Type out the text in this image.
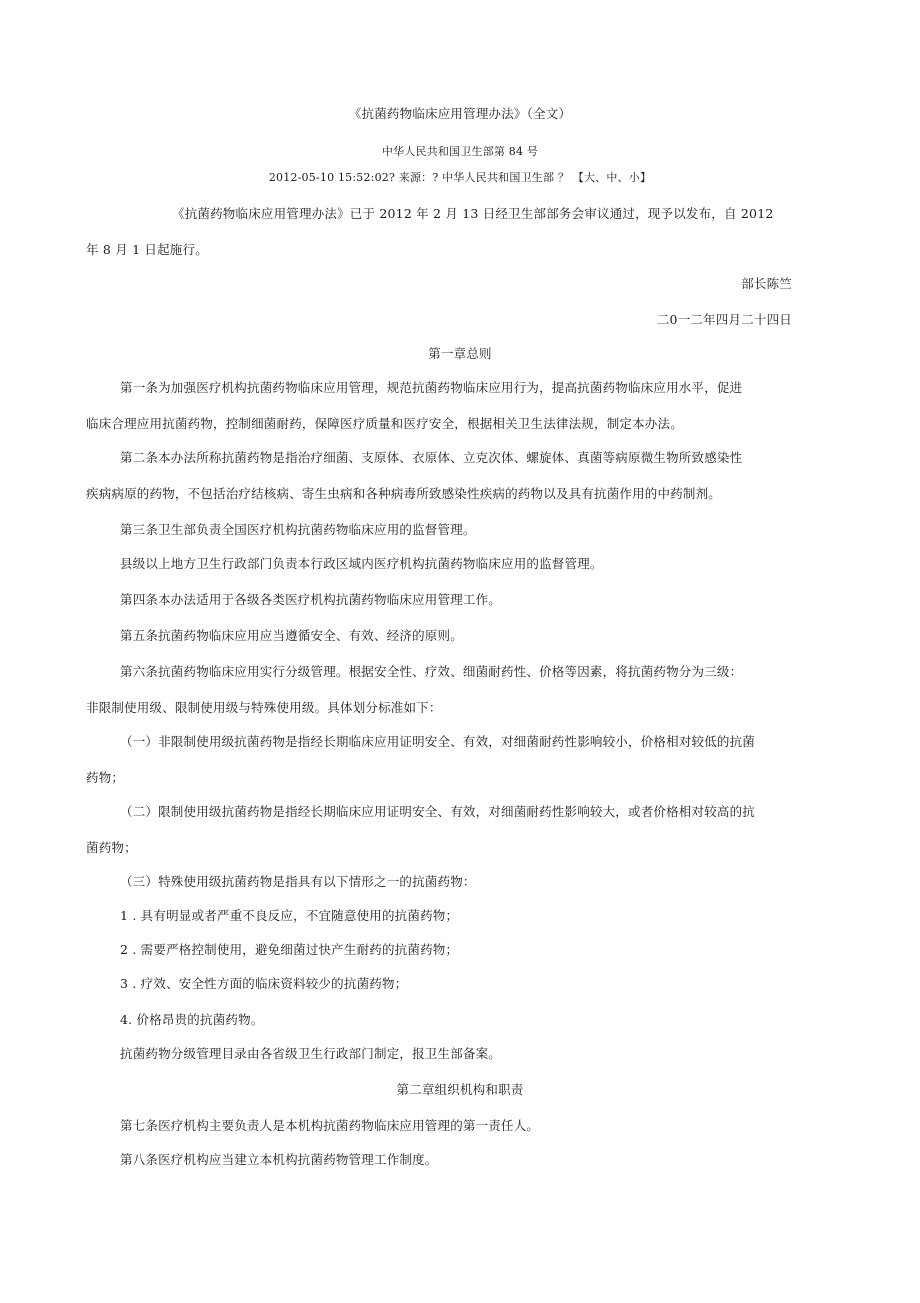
《抗菌药物临床应用管理办法》（全文）
中华人民共和国卫生部第 84 号
2012-05-10 15:52:02? 来源：? 中华人民共和国卫生部 ？ 【大、中、小】
《抗菌药物临床应用管理办法》已于 2012 年 2 月 13 日经卫生部部务会审议通过，现予以发布，自 2012
年 8 月 1 日起施行。
部长陈竺
二0一二年四月二十四日
第一章总则
第一条为加强医疗机构抗菌药物临床应用管理，规范抗菌药物临床应用行为，提高抗菌药物临床应用水平，促进
临床合理应用抗菌药物，控制细菌耐药，保障医疗质量和医疗安全，根据相关卫生法律法规，制定本办法。
第二条本办法所称抗菌药物是指治疗细菌、支原体、衣原体、立克次体、螺旋体、真菌等病原微生物所致感染性
疾病病原的药物，不包括治疗结核病、寄生虫病和各种病毒所致感染性疾病的药物以及具有抗菌作用的中药制剂。
第三条卫生部负责全国医疗机构抗菌药物临床应用的监督管理。
县级以上地方卫生行政部门负责本行政区域内医疗机构抗菌药物临床应用的监督管理。
第四条本办法适用于各级各类医疗机构抗菌药物临床应用管理工作。
第五条抗菌药物临床应用应当遵循安全、有效、经济的原则。
第六条抗菌药物临床应用实行分级管理。根据安全性、疗效、细菌耐药性、价格等因素，将抗菌药物分为三级：
非限制使用级、限制使用级与特殊使用级。具体划分标准如下：
（一）非限制使用级抗菌药物是指经长期临床应用证明安全、有效，对细菌耐药性影响较小，价格相对较低的抗菌
药物；
（二）限制使用级抗菌药物是指经长期临床应用证明安全、有效，对细菌耐药性影响较大，或者价格相对较高的抗
菌药物；
（三）特殊使用级抗菌药物是指具有以下情形之一的抗菌药物：
1 . 具有明显或者严重不良反应，不宜随意使用的抗菌药物；
2 . 需要严格控制使用，避免细菌过快产生耐药的抗菌药物；
3 . 疗效、安全性方面的临床资料较少的抗菌药物；
4. 价格昂贵的抗菌药物。
抗菌药物分级管理目录由各省级卫生行政部门制定，报卫生部备案。
第二章组织机构和职责
第七条医疗机构主要负责人是本机构抗菌药物临床应用管理的第一责任人。
第八条医疗机构应当建立本机构抗菌药物管理工作制度。
